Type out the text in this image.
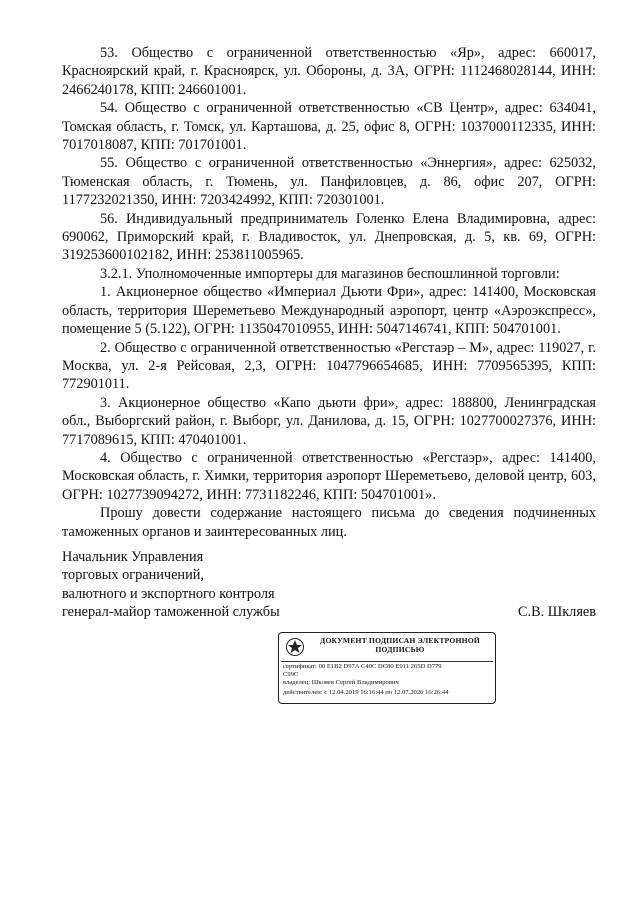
53. Общество с ограниченной ответственностью «Яр», адрес: 660017, Красноярский край, г. Красноярск, ул. Обороны, д. 3А, ОГРН: 1112468028144, ИНН: 2466240178, КПП: 246601001.

54. Общество с ограниченной ответственностью «СВ Центр», адрес: 634041, Томская область, г. Томск, ул. Карташова, д. 25, офис 8, ОГРН: 1037000112335, ИНН: 7017018087, КПП: 701701001.

55. Общество с ограниченной ответственностью «Эннергия», адрес: 625032, Тюменская область, г. Тюмень, ул. Панфиловцев, д. 86, офис 207, ОГРН: 1177232021350, ИНН: 7203424992, КПП: 720301001.

56. Индивидуальный предприниматель Голенко Елена Владимировна, адрес: 690062, Приморский край, г. Владивосток, ул. Днепровская, д. 5, кв. 69, ОГРН: 319253600102182, ИНН: 253811005965.

3.2.1. Уполномоченные импортеры для магазинов беспошлинной торговли:

1. Акционерное общество «Империал Дьюти Фри», адрес: 141400, Московская область, территория Шереметьево Международный аэропорт, центр «Аэроэкспресс», помещение 5 (5.122), ОГРН: 1135047010955, ИНН: 5047146741, КПП: 504701001.

2. Общество с ограниченной ответственностью «Регстаэр – М», адрес: 119027, г. Москва, ул. 2-я Рейсовая, 2,3, ОГРН: 1047796654685, ИНН: 7709565395, КПП: 772901011.

3. Акционерное общество «Капо дьюти фри», адрес: 188800, Ленинградская обл., Выборгский район, г. Выборг, ул. Данилова, д. 15, ОГРН: 1027700027376, ИНН: 7717089615, КПП: 470401001.

4. Общество с ограниченной ответственностью «Регстаэр», адрес: 141400, Московская область, г. Химки, территория аэропорт Шереметьево, деловой центр, 603, ОГРН: 1027739094272, ИНН: 7731182246, КПП: 504701001».

Прошу довести содержание настоящего письма до сведения подчиненных таможенных органов и заинтересованных лиц.

Начальник Управления

торговых ограничений,

валютного и экспортного контроля

генерал-майор таможенной службы	С.В. Шкляев
ДОКУМЕНТ ПОДПИСАН ЭЛЕКТРОННОЙ ПОДПИСЬЮ
сертификат: 00 E1B2 D97A C40C DC80 E911 265D D779
C99C
владелец: Шкляев Сергей Владимирович
действителен: с 12.04.2019 16:16:44 по 12.07.2020 16:26:44
